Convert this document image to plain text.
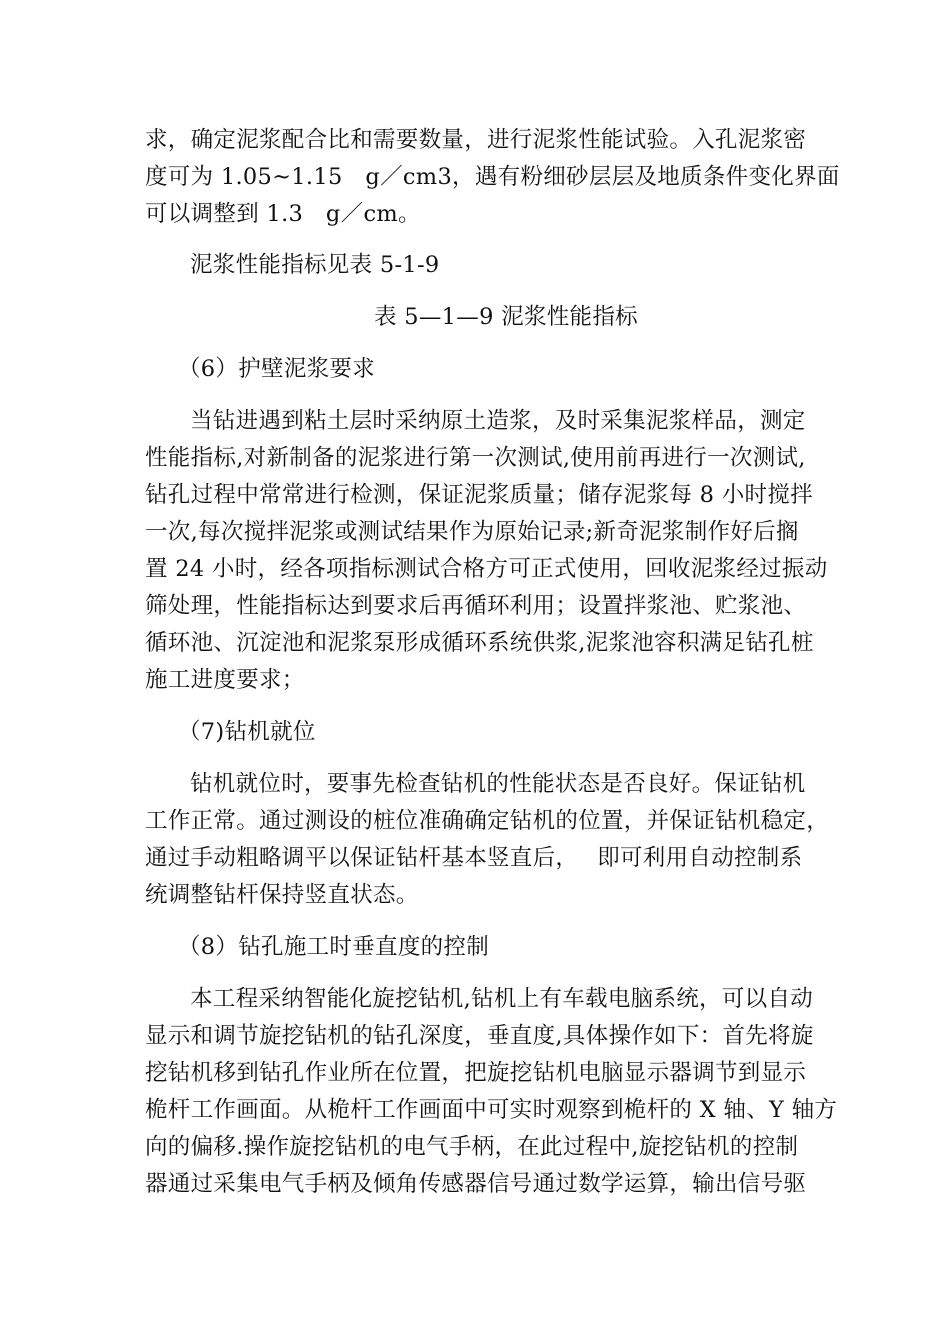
求，确定泥浆配合比和需要数量，进行泥浆性能试验。入孔泥浆密
度可为 1.05~1.15　g／cm3，遇有粉细砂层层及地质条件变化界面
可以调整到 1.3　g／cm。
泥浆性能指标见表 5-1-9
表 5—1—9 泥浆性能指标
（6）护壁泥浆要求
当钻进遇到粘土层时采纳原土造浆，及时采集泥浆样品，测定
性能指标,对新制备的泥浆进行第一次测试,使用前再进行一次测试,
钻孔过程中常常进行检测，保证泥浆质量；储存泥浆每 8 小时搅拌
一次,每次搅拌泥浆或测试结果作为原始记录;新奇泥浆制作好后搁
置 24 小时，经各项指标测试合格方可正式使用，回收泥浆经过振动
筛处理，性能指标达到要求后再循环利用；设置拌浆池、贮浆池、
循环池、沉淀池和泥浆泵形成循环系统供浆,泥浆池容积满足钻孔桩
施工进度要求；
（7)钻机就位
钻机就位时，要事先检查钻机的性能状态是否良好。保证钻机
工作正常。通过测设的桩位准确确定钻机的位置，并保证钻机稳定，
通过手动粗略调平以保证钻杆基本竖直后，　 即可利用自动控制系
统调整钻杆保持竖直状态。
（8）钻孔施工时垂直度的控制
本工程采纳智能化旋挖钻机,钻机上有车载电脑系统，可以自动
显示和调节旋挖钻机的钻孔深度，垂直度,具体操作如下：首先将旋
挖钻机移到钻孔作业所在位置，把旋挖钻机电脑显示器调节到显示
桅杆工作画面。从桅杆工作画面中可实时观察到桅杆的 X 轴、Y 轴方
向的偏移.操作旋挖钻机的电气手柄，在此过程中,旋挖钻机的控制
器通过采集电气手柄及倾角传感器信号通过数学运算，输出信号驱
